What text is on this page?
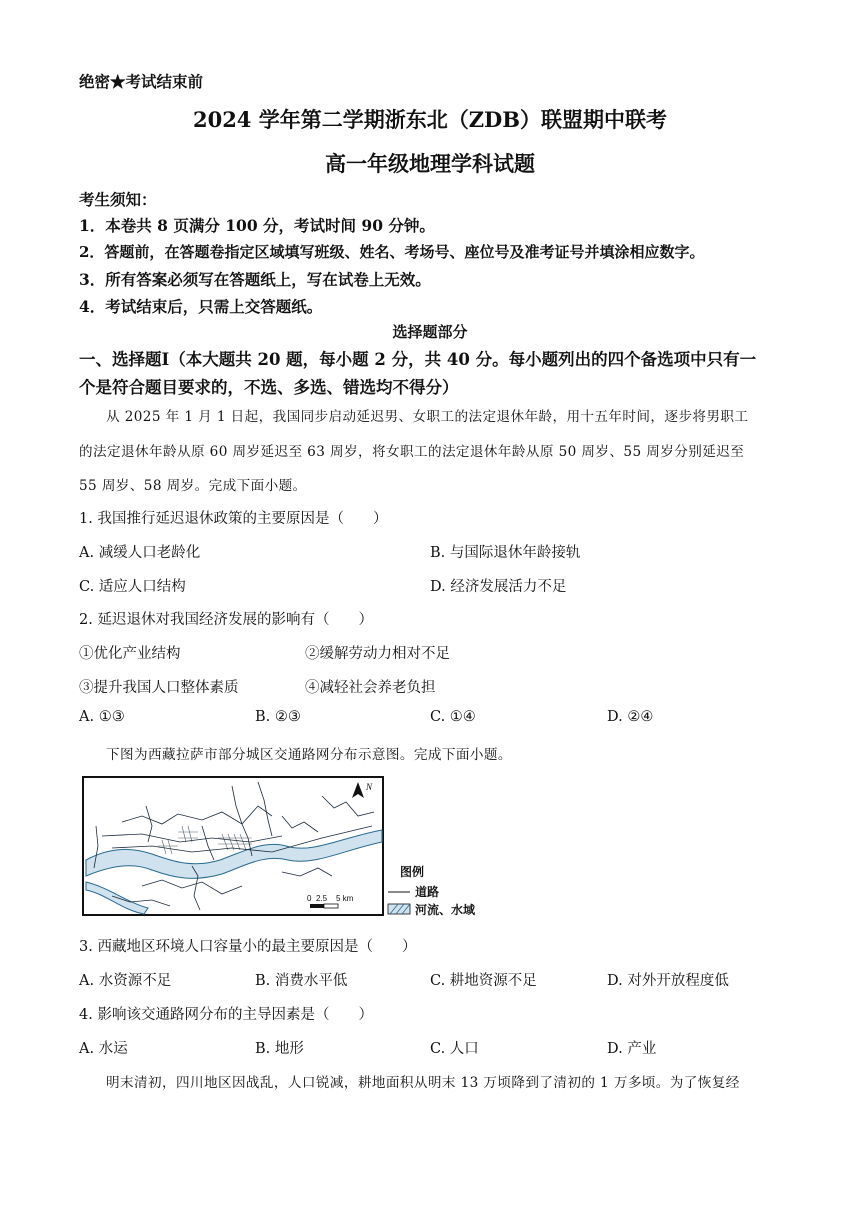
绝密★考试结束前
2024 学年第二学期浙东北（ZDB）联盟期中联考
高一年级地理学科试题
考生须知：
1．本卷共 8 页满分 100 分，考试时间 90 分钟。
2．答题前，在答题卷指定区域填写班级、姓名、考场号、座位号及准考证号并填涂相应数字。
3．所有答案必须写在答题纸上，写在试卷上无效。
4．考试结束后，只需上交答题纸。
选择题部分
一、选择题Ⅰ（本大题共 20 题，每小题 2 分，共 40 分。每小题列出的四个备选项中只有一
个是符合题目要求的，不选、多选、错选均不得分）
从 2025 年 1 月 1 日起，我国同步启动延迟男、女职工的法定退休年龄，用十五年时间，逐步将男职工
的法定退休年龄从原 60 周岁延迟至 63 周岁，将女职工的法定退休年龄从原 50 周岁、55 周岁分别延迟至
55 周岁、58 周岁。完成下面小题。
1. 我国推行延迟退休政策的主要原因是（　　）
A. 减缓人口老龄化	B. 与国际退休年龄接轨
C. 适应人口结构	D. 经济发展活力不足
2. 延迟退休对我国经济发展的影响有（　　）
①优化产业结构	②缓解劳动力相对不足
③提升我国人口整体素质	④减轻社会养老负担
A. ①③	B. ②③	C. ①④	D. ②④
下图为西藏拉萨市部分城区交通路网分布示意图。完成下面小题。
N
0 2.5 5 km
图例
道路
河流、水域
3. 西藏地区环境人口容量小的最主要原因是（　　）
A. 水资源不足	B. 消费水平低	C. 耕地资源不足	D. 对外开放程度低
4. 影响该交通路网分布的主导因素是（　　）
A. 水运	B. 地形	C. 人口	D. 产业
明末清初，四川地区因战乱，人口锐减，耕地面积从明末 13 万顷降到了清初的 1 万多顷。为了恢复经
